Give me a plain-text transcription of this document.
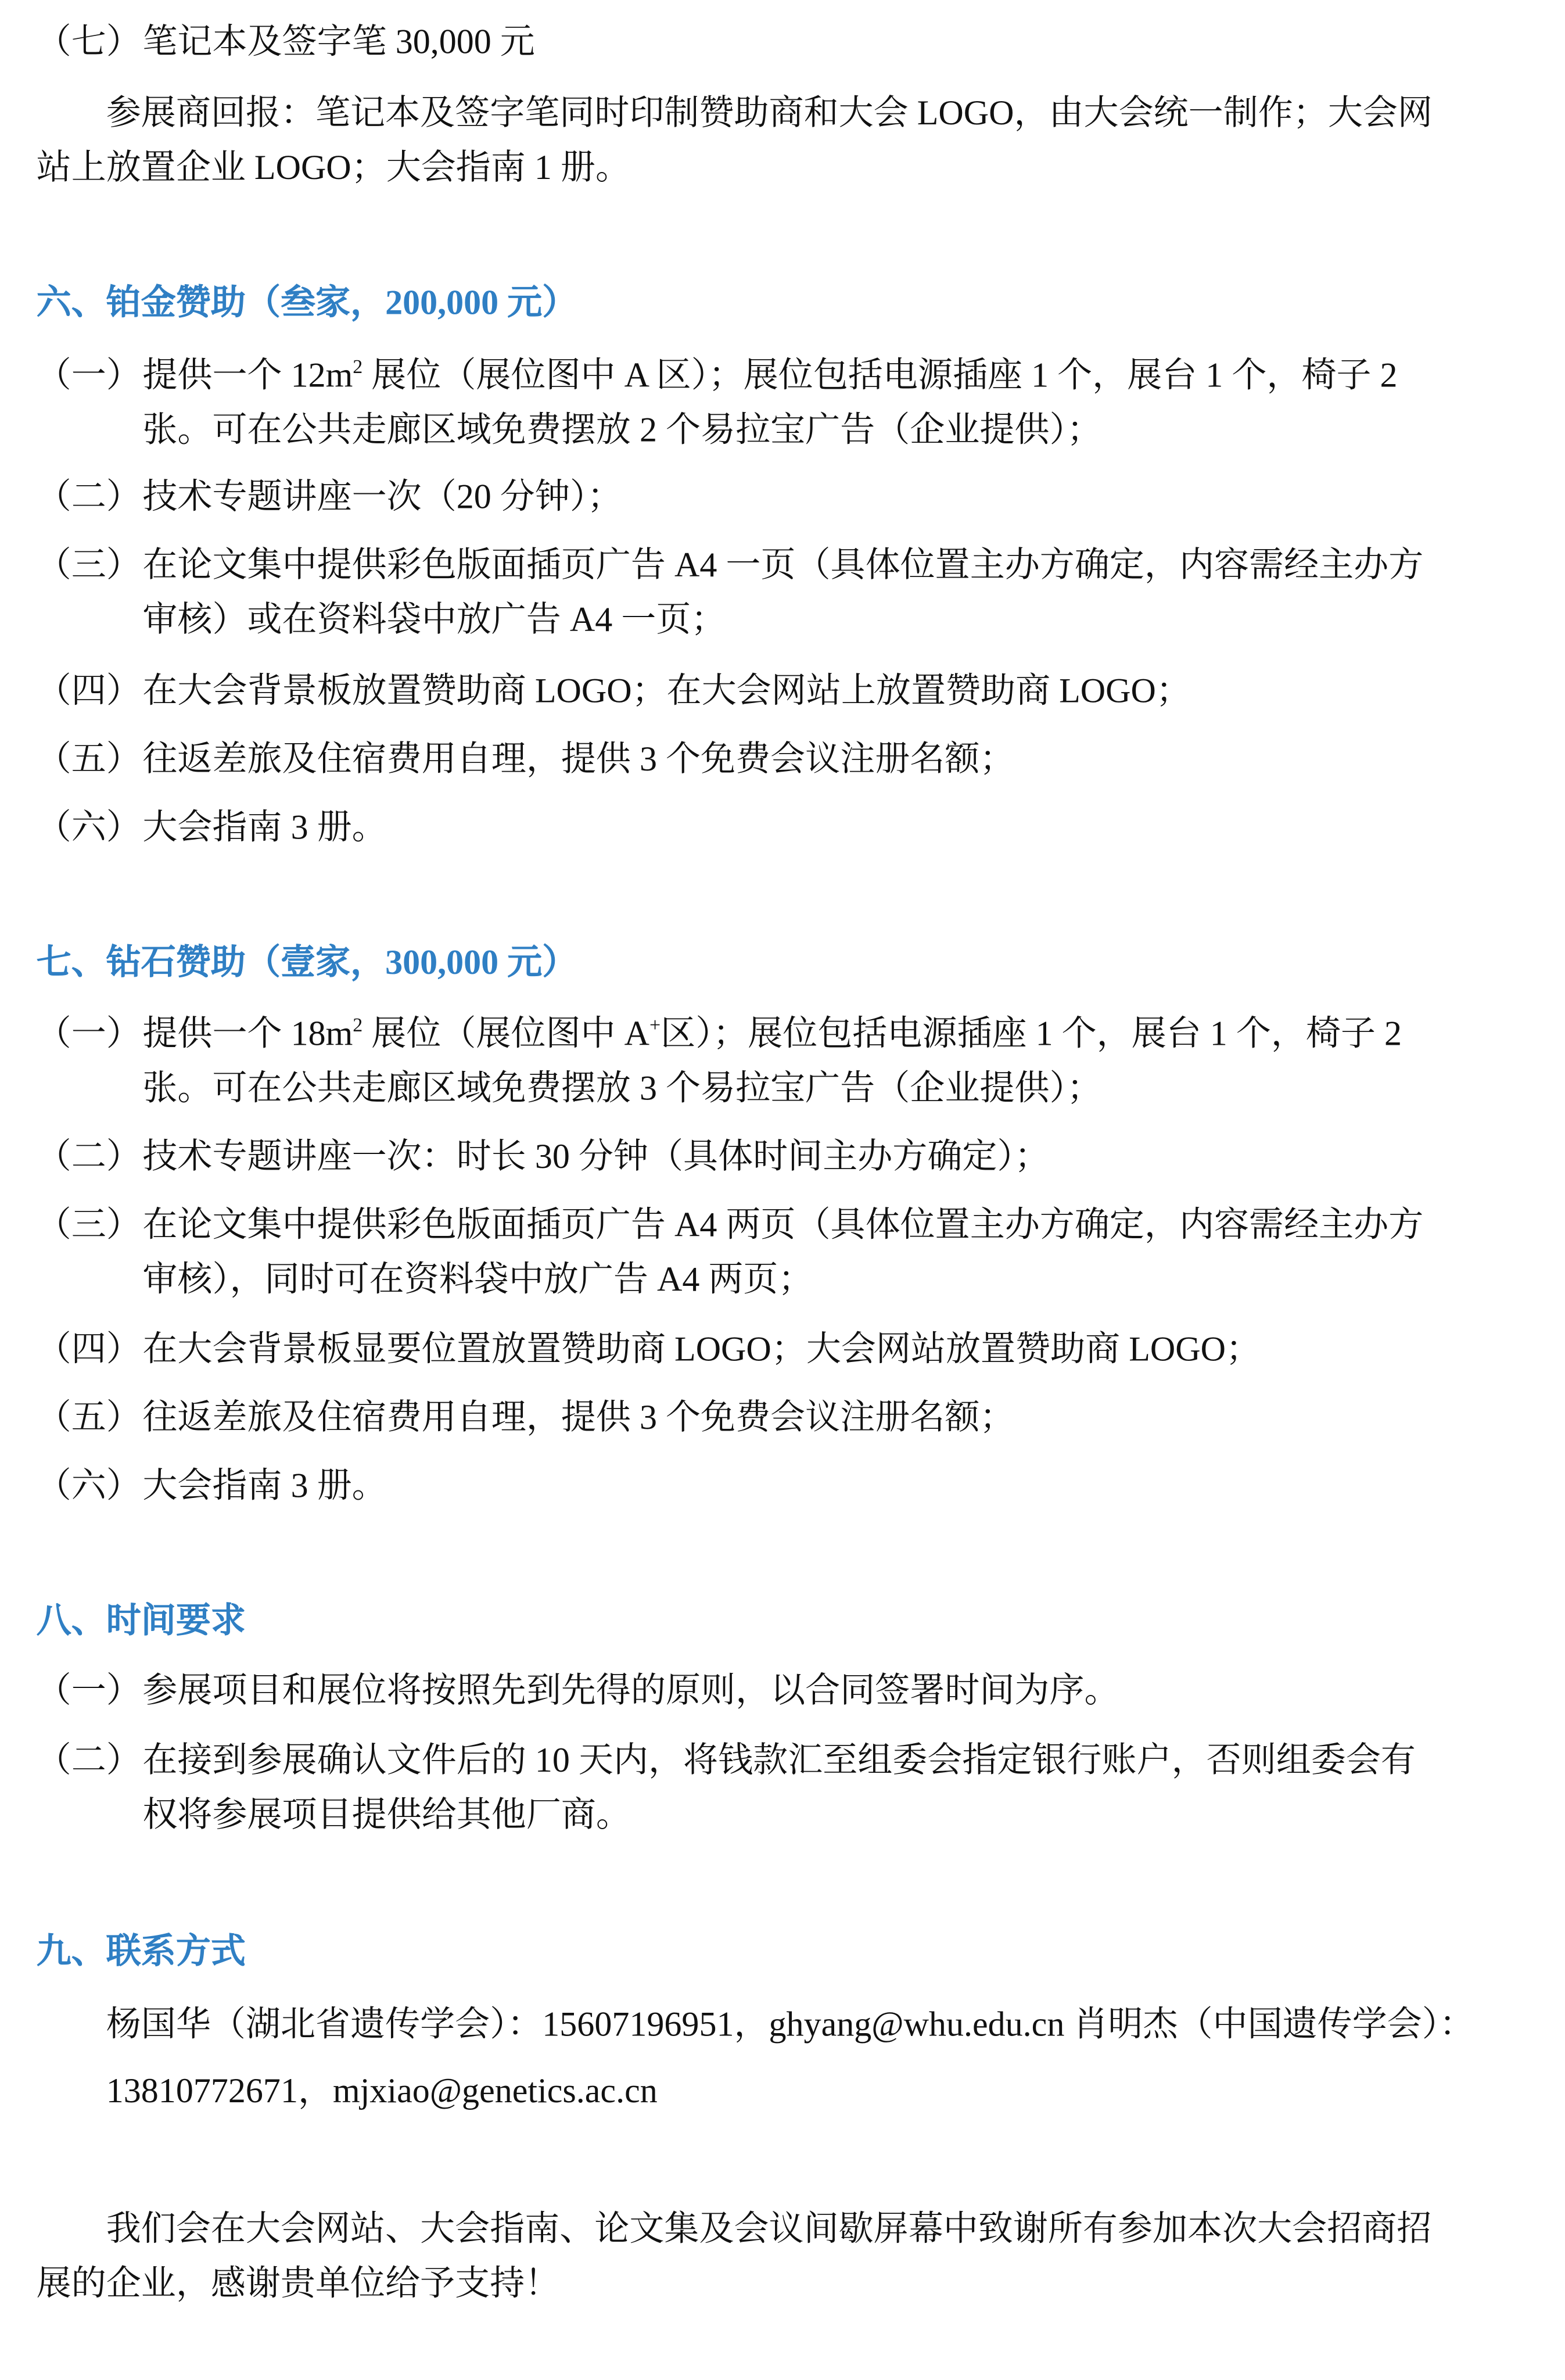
（七） 笔记本及签字笔 30,000 元
参展商回报：笔记本及签字笔同时印制赞助商和大会 LOGO，由大会统一制作；大会网
站上放置企业 LOGO；大会指南 1 册。
六、铂金赞助（叁家，200,000 元）
（一） 提供一个 $12m^2$ 展位（展位图中 A 区）；展位包括电源插座 1 个，展台 1 个，椅子 2
张。可在公共走廊区域免费摆放 2 个易拉宝广告（企业提供）；
（二） 技术专题讲座一次（20 分钟）；
（三） 在论文集中提供彩色版面插页广告 A4 一页（具体位置主办方确定，内容需经主办方
审核）或在资料袋中放广告 A4 一页；
（四） 在大会背景板放置赞助商 LOGO；在大会网站上放置赞助商 LOGO；
（五） 往返差旅及住宿费用自理，提供 3 个免费会议注册名额；
（六） 大会指南 3 册。
七、钻石赞助（壹家，300,000 元）
（一） 提供一个 $18m^2$ 展位（展位图中 A+区）；展位包括电源插座 1 个，展台 1 个，椅子 2
张。可在公共走廊区域免费摆放 3 个易拉宝广告（企业提供）；
（二） 技术专题讲座一次：时长 30 分钟（具体时间主办方确定）；
（三） 在论文集中提供彩色版面插页广告 A4 两页（具体位置主办方确定，内容需经主办方
审核），同时可在资料袋中放广告 A4 两页；
（四） 在大会背景板显要位置放置赞助商 LOGO；大会网站放置赞助商 LOGO；
（五） 往返差旅及住宿费用自理，提供 3 个免费会议注册名额；
（六） 大会指南 3 册。
八、时间要求
（一） 参展项目和展位将按照先到先得的原则，以合同签署时间为序。
（二） 在接到参展确认文件后的 10 天内，将钱款汇至组委会指定银行账户，否则组委会有
权将参展项目提供给其他厂商。
九、联系方式
杨国华（湖北省遗传学会）：15607196951，ghyang@whu.edu.cn 肖明杰（中国遗传学会）：
13810772671，mjxiao@genetics.ac.cn
我们会在大会网站、大会指南、论文集及会议间歇屏幕中致谢所有参加本次大会招商招
展的企业，感谢贵单位给予支持！
